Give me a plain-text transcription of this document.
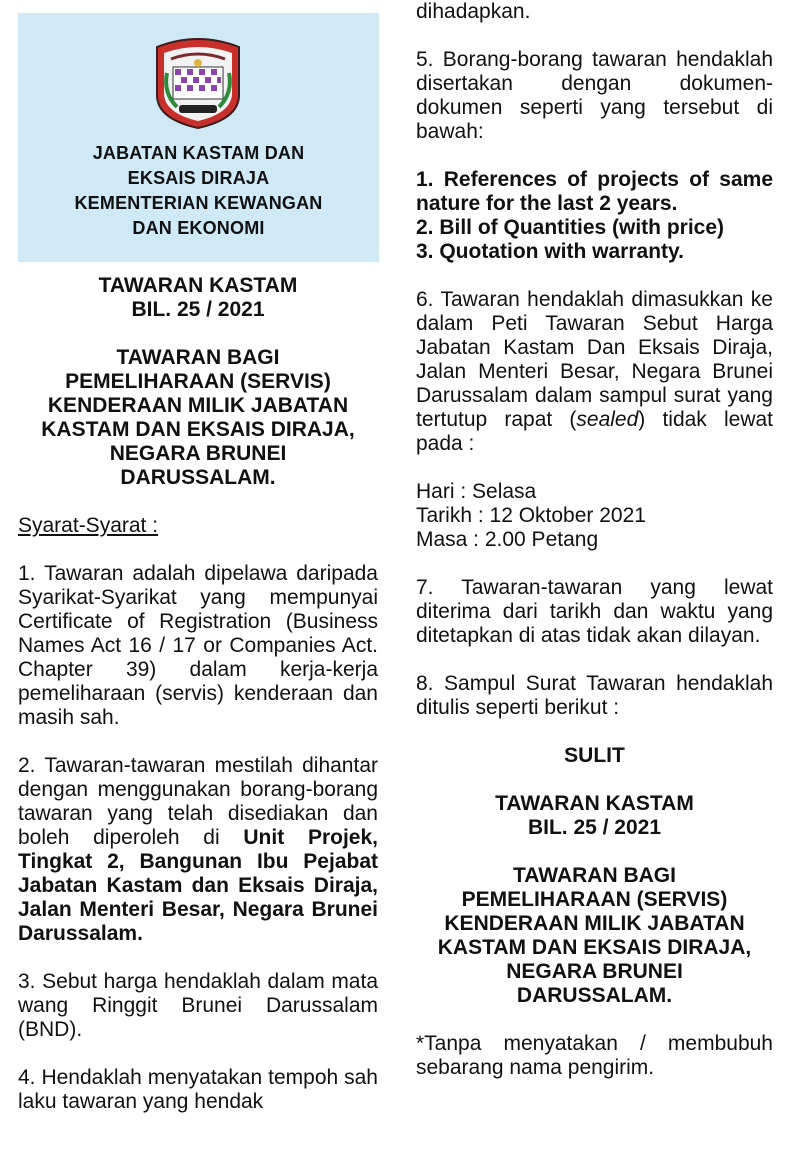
JABATAN KASTAM DAN
EKSAIS DIRAJA
KEMENTERIAN KEWANGAN
DAN EKONOMI

TAWARAN KASTAM
BIL. 25 / 2021

TAWARAN BAGI
PEMELIHARAAN (SERVIS)
KENDERAAN MILIK JABATAN
KASTAM DAN EKSAIS DIRAJA,
NEGARA BRUNEI
DARUSSALAM.

Syarat-Syarat :

1. Tawaran adalah dipelawa daripada Syarikat-Syarikat yang mempunyai Certificate of Registration (Business Names Act 16 / 17 or Companies Act. Chapter 39) dalam kerja-kerja pemeliharaan (servis) kenderaan dan masih sah.

2. Tawaran-tawaran mestilah dihantar dengan menggunakan borang-borang tawaran yang telah disediakan dan boleh diperoleh di Unit Projek, Tingkat 2, Bangunan Ibu Pejabat Jabatan Kastam dan Eksais Diraja, Jalan Menteri Besar, Negara Brunei Darussalam.

3. Sebut harga hendaklah dalam mata wang Ringgit Brunei Darussalam (BND).

4. Hendaklah menyatakan tempoh sah laku tawaran yang hendak

dihadapkan.

5. Borang-borang tawaran hendaklah disertakan dengan dokumen-dokumen seperti yang tersebut di bawah:

1. References of projects of same nature for the last 2 years.
2. Bill of Quantities (with price)
3. Quotation with warranty.

6. Tawaran hendaklah dimasukkan ke dalam Peti Tawaran Sebut Harga Jabatan Kastam Dan Eksais Diraja, Jalan Menteri Besar, Negara Brunei Darussalam dalam sampul surat yang tertutup rapat (sealed) tidak lewat pada :

Hari : Selasa
Tarikh : 12 Oktober 2021
Masa : 2.00 Petang

7. Tawaran-tawaran yang lewat diterima dari tarikh dan waktu yang ditetapkan di atas tidak akan dilayan.

8. Sampul Surat Tawaran hendaklah ditulis seperti berikut :

SULIT

TAWARAN KASTAM
BIL. 25 / 2021

TAWARAN BAGI
PEMELIHARAAN (SERVIS)
KENDERAAN MILIK JABATAN
KASTAM DAN EKSAIS DIRAJA,
NEGARA BRUNEI
DARUSSALAM.

*Tanpa menyatakan / membubuh sebarang nama pengirim.
